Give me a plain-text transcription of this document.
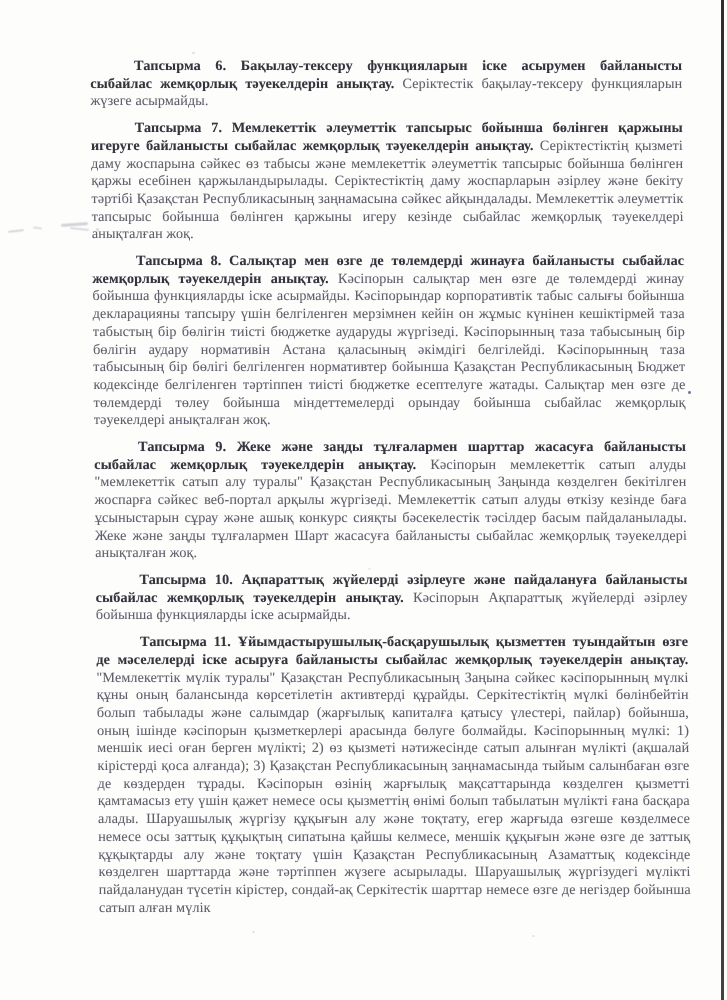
Тапсырма 6. Бақылау-тексеру функцияларын іске асырумен байланысты сыбайлас жемқорлық тәуекелдерін анықтау. Серіктестік бақылау-тексеру функцияларын жүзеге асырмайды.

Тапсырма 7. Мемлекеттік әлеуметтік тапсырыс бойынша бөлінген қаржыны игеруге байланысты сыбайлас жемқорлық тәуекелдерін анықтау. Серіктестіктің қызметі даму жоспарына сәйкес өз табысы және мемлекеттік әлеуметтік тапсырыс бойынша бөлінген қаржы есебінен қаржыландырылады. Серіктестіктің даму жоспарларын әзірлеу және бекіту тәртібі Қазақстан Республикасының заңнамасына сәйкес айқындалады. Мемлекеттік әлеуметтік тапсырыс бойынша бөлінген қаржыны игеру кезінде сыбайлас жемқорлық тәуекелдері анықталған жоқ.

Тапсырма 8. Салықтар мен өзге де төлемдерді жинауға байланысты сыбайлас жемқорлық тәуекелдерін анықтау. Кәсіпорын салықтар мен өзге де төлемдерді жинау бойынша функцияларды іске асырмайды. Кәсіпорындар корпоративтік табыс салығы бойынша декларацияны тапсыру үшін белгіленген мерзімнен кейін он жұмыс күнінен кешіктірмей таза табыстың бір бөлігін тиісті бюджетке аударуды жүргізеді. Кәсіпорынның таза табысының бір бөлігін аудару нормативін Астана қаласының әкімдігі белгілейді. Кәсіпорынның таза табысының бір бөлігі белгіленген нормативтер бойынша Қазақстан Республикасының Бюджет кодексінде белгіленген тәртіппен тиісті бюджетке есептелуге жатады. Салықтар мен өзге де төлемдерді төлеу бойынша міндеттемелерді орындау бойынша сыбайлас жемқорлық тәуекелдері анықталған жоқ.

Тапсырма 9. Жеке және заңды тұлғалармен шарттар жасасуға байланысты сыбайлас жемқорлық тәуекелдерін анықтау. Кәсіпорын мемлекеттік сатып алуды "мемлекеттік сатып алу туралы" Қазақстан Республикасының Заңында көзделген бекітілген жоспарға сәйкес веб-портал арқылы жүргізеді. Мемлекеттік сатып алуды өткізу кезінде баға ұсыныстарын сұрау және ашық конкурс сияқты бәсекелестік тәсілдер басым пайдаланылады. Жеке және заңды тұлғалармен Шарт жасасуға байланысты сыбайлас жемқорлық тәуекелдері анықталған жоқ.

Тапсырма 10. Ақпараттық жүйелерді әзірлеуге және пайдалануға байланысты сыбайлас жемқорлық тәуекелдерін анықтау. Кәсіпорын Ақпараттық жүйелерді әзірлеу бойынша функцияларды іске асырмайды.

Тапсырма 11. Ұйымдастырушылық-басқарушылық қызметтен туындайтын өзге де мәселелерді іске асыруға байланысты сыбайлас жемқорлық тәуекелдерін анықтау. "Мемлекеттік мүлік туралы" Қазақстан Республикасының Заңына сәйкес кәсіпорынның мүлкі құны оның балансында көрсетілетін активтерді құрайды. Серкітестіктің мүлкі бөлінбейтін болып табылады және салымдар (жарғылық капиталға қатысу үлестері, пайлар) бойынша, оның ішінде кәсіпорын қызметкерлері арасында бөлуге болмайды. Кәсіпорынның мүлкі: 1) меншік иесі оған берген мүлікті; 2) өз қызметі нәтижесінде сатып алынған мүлікті (ақшалай кірістерді қоса алғанда); 3) Қазақстан Республикасының заңнамасында тыйым салынбаған өзге де көздерден тұрады. Кәсіпорын өзінің жарғылық мақсаттарында көзделген қызметті қамтамасыз ету үшін қажет немесе осы қызметтің өнімі болып табылатын мүлікті ғана басқара алады. Шаруашылық жүргізу құқығын алу және тоқтату, егер жарғыда өзгеше көзделмесе немесе осы заттық құқықтың сипатына қайшы келмесе, меншік құқығын және өзге де заттық құқықтарды алу және тоқтату үшін Қазақстан Республикасының Азаматтық кодексінде көзделген шарттарда және тәртіппен жүзеге асырылады. Шаруашылық жүргізудегі мүлікті пайдаланудан түсетін кірістер, сондай-ақ Серкітестік шарттар немесе өзге де негіздер бойынша сатып алған мүлік
